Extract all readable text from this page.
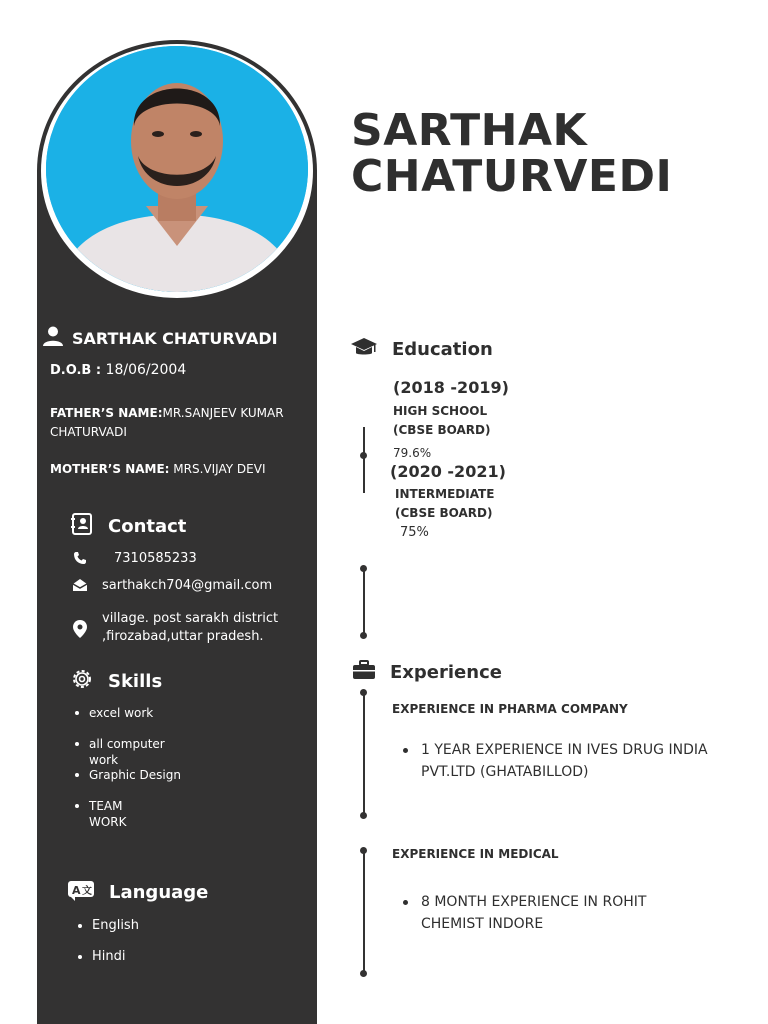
SARTHAK
CHATURVEDI
SARTHAK CHATURVADI
D.O.B : 18/06/2004
FATHER’S NAME:MR.SANJEEV KUMAR CHATURVADI
MOTHER’S NAME: MRS.VIJAY DEVI
Contact
7310585233
sarthakch704@gmail.com
village. post sarakh district
,firozabad,uttar pradesh.
Skills
excel work
all computer work
Graphic Design
TEAM WORK
A 文 Language
English
Hindi
Education
(2018 -2019)
HIGH SCHOOL
(CBSE BOARD)
79.6%
(2020 -2021)
INTERMEDIATE
(CBSE BOARD)
75%
Experience
EXPERIENCE IN PHARMA COMPANY
1 YEAR EXPERIENCE IN IVES DRUG INDIA PVT.LTD (GHATABILLOD)
EXPERIENCE IN MEDICAL
8 MONTH EXPERIENCE IN ROHIT CHEMIST INDORE
